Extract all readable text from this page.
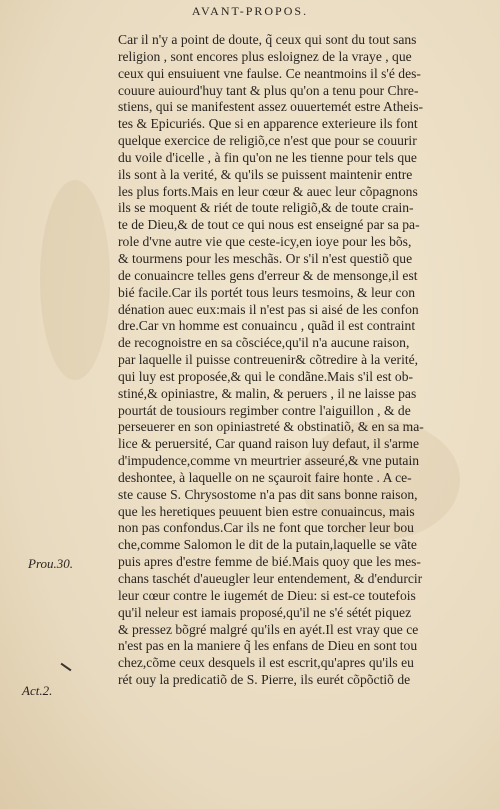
AVANT-PROPOS.
Car il n'y a point de doute, q̃ ceux qui sont du tout sans
religion , sont encores plus esloignez de la vraye , que
ceux qui ensuiuent vne faulse. Ce neantmoins il s'é des-
couure auiourd'huy tant & plus qu'on a tenu pour Chre-
stiens, qui se manifestent assez ouuertemét estre Atheis-
tes & Epicuriés. Que si en apparence exterieure ils font
quelque exercice de religiõ,ce n'est que pour se couurir
du voile d'icelle , à fin qu'on ne les tienne pour tels que
ils sont à la verité, & qu'ils se puissent maintenir entre
les plus forts.Mais en leur cœur & auec leur cõpagnons
ils se moquent & riét de toute religiõ,& de toute crain-
te de Dieu,& de tout ce qui nous est enseigné par sa pa-
role d'vne autre vie que ceste-icy,en ioye pour les bõs,
& tourmens pour les meschãs. Or s'il n'est questiõ que
de conuaincre telles gens d'erreur & de mensonge,il est
bié facile.Car ils portét tous leurs tesmoins, & leur con
dénation auec eux:mais il n'est pas si aisé de les confon
dre.Car vn homme est conuaincu , quãd il est contraint
de recognoistre en sa cõsciéce,qu'il n'a aucune raison,
par laquelle il puisse contreuenir& cõtredire à la verité,
qui luy est proposée,& qui le condãne.Mais s'il est ob-
stiné,& opiniastre, & malin, & peruers , il ne laisse pas
pourtát de tousiours regimber contre l'aiguillon , & de
perseuerer en son opiniastreté & obstinatiõ, & en sa ma-
lice & peruersité, Car quand raison luy defaut, il s'arme
d'impudence,comme vn meurtrier asseuré,& vne putain
deshontee, à laquelle on ne sçauroit faire honte . A ce-
ste cause S. Chrysostome n'a pas dit sans bonne raison,
que les heretiques peuuent bien estre conuaincus, mais
non pas confondus.Car ils ne font que torcher leur bou
che,comme Salomon le dit de la putain,laquelle se vãte
puis apres d'estre femme de bié.Mais quoy que les mes-
chans taschét d'aueugler leur entendement, & d'endurcir
leur cœur contre le iugemét de Dieu: si est-ce toutefois
qu'il neleur est iamais proposé,qu'il ne s'é sétét piquez
& pressez bõgré malgré qu'ils en ayét.Il est vray que ce
n'est pas en la maniere q̃ les enfans de Dieu en sont tou
chez,cõme ceux desquels il est escrit,qu'apres qu'ils eu
rét ouy la predicatiõ de S. Pierre, ils eurét cõpõctiõ de
Prou.30.
Act.2.
